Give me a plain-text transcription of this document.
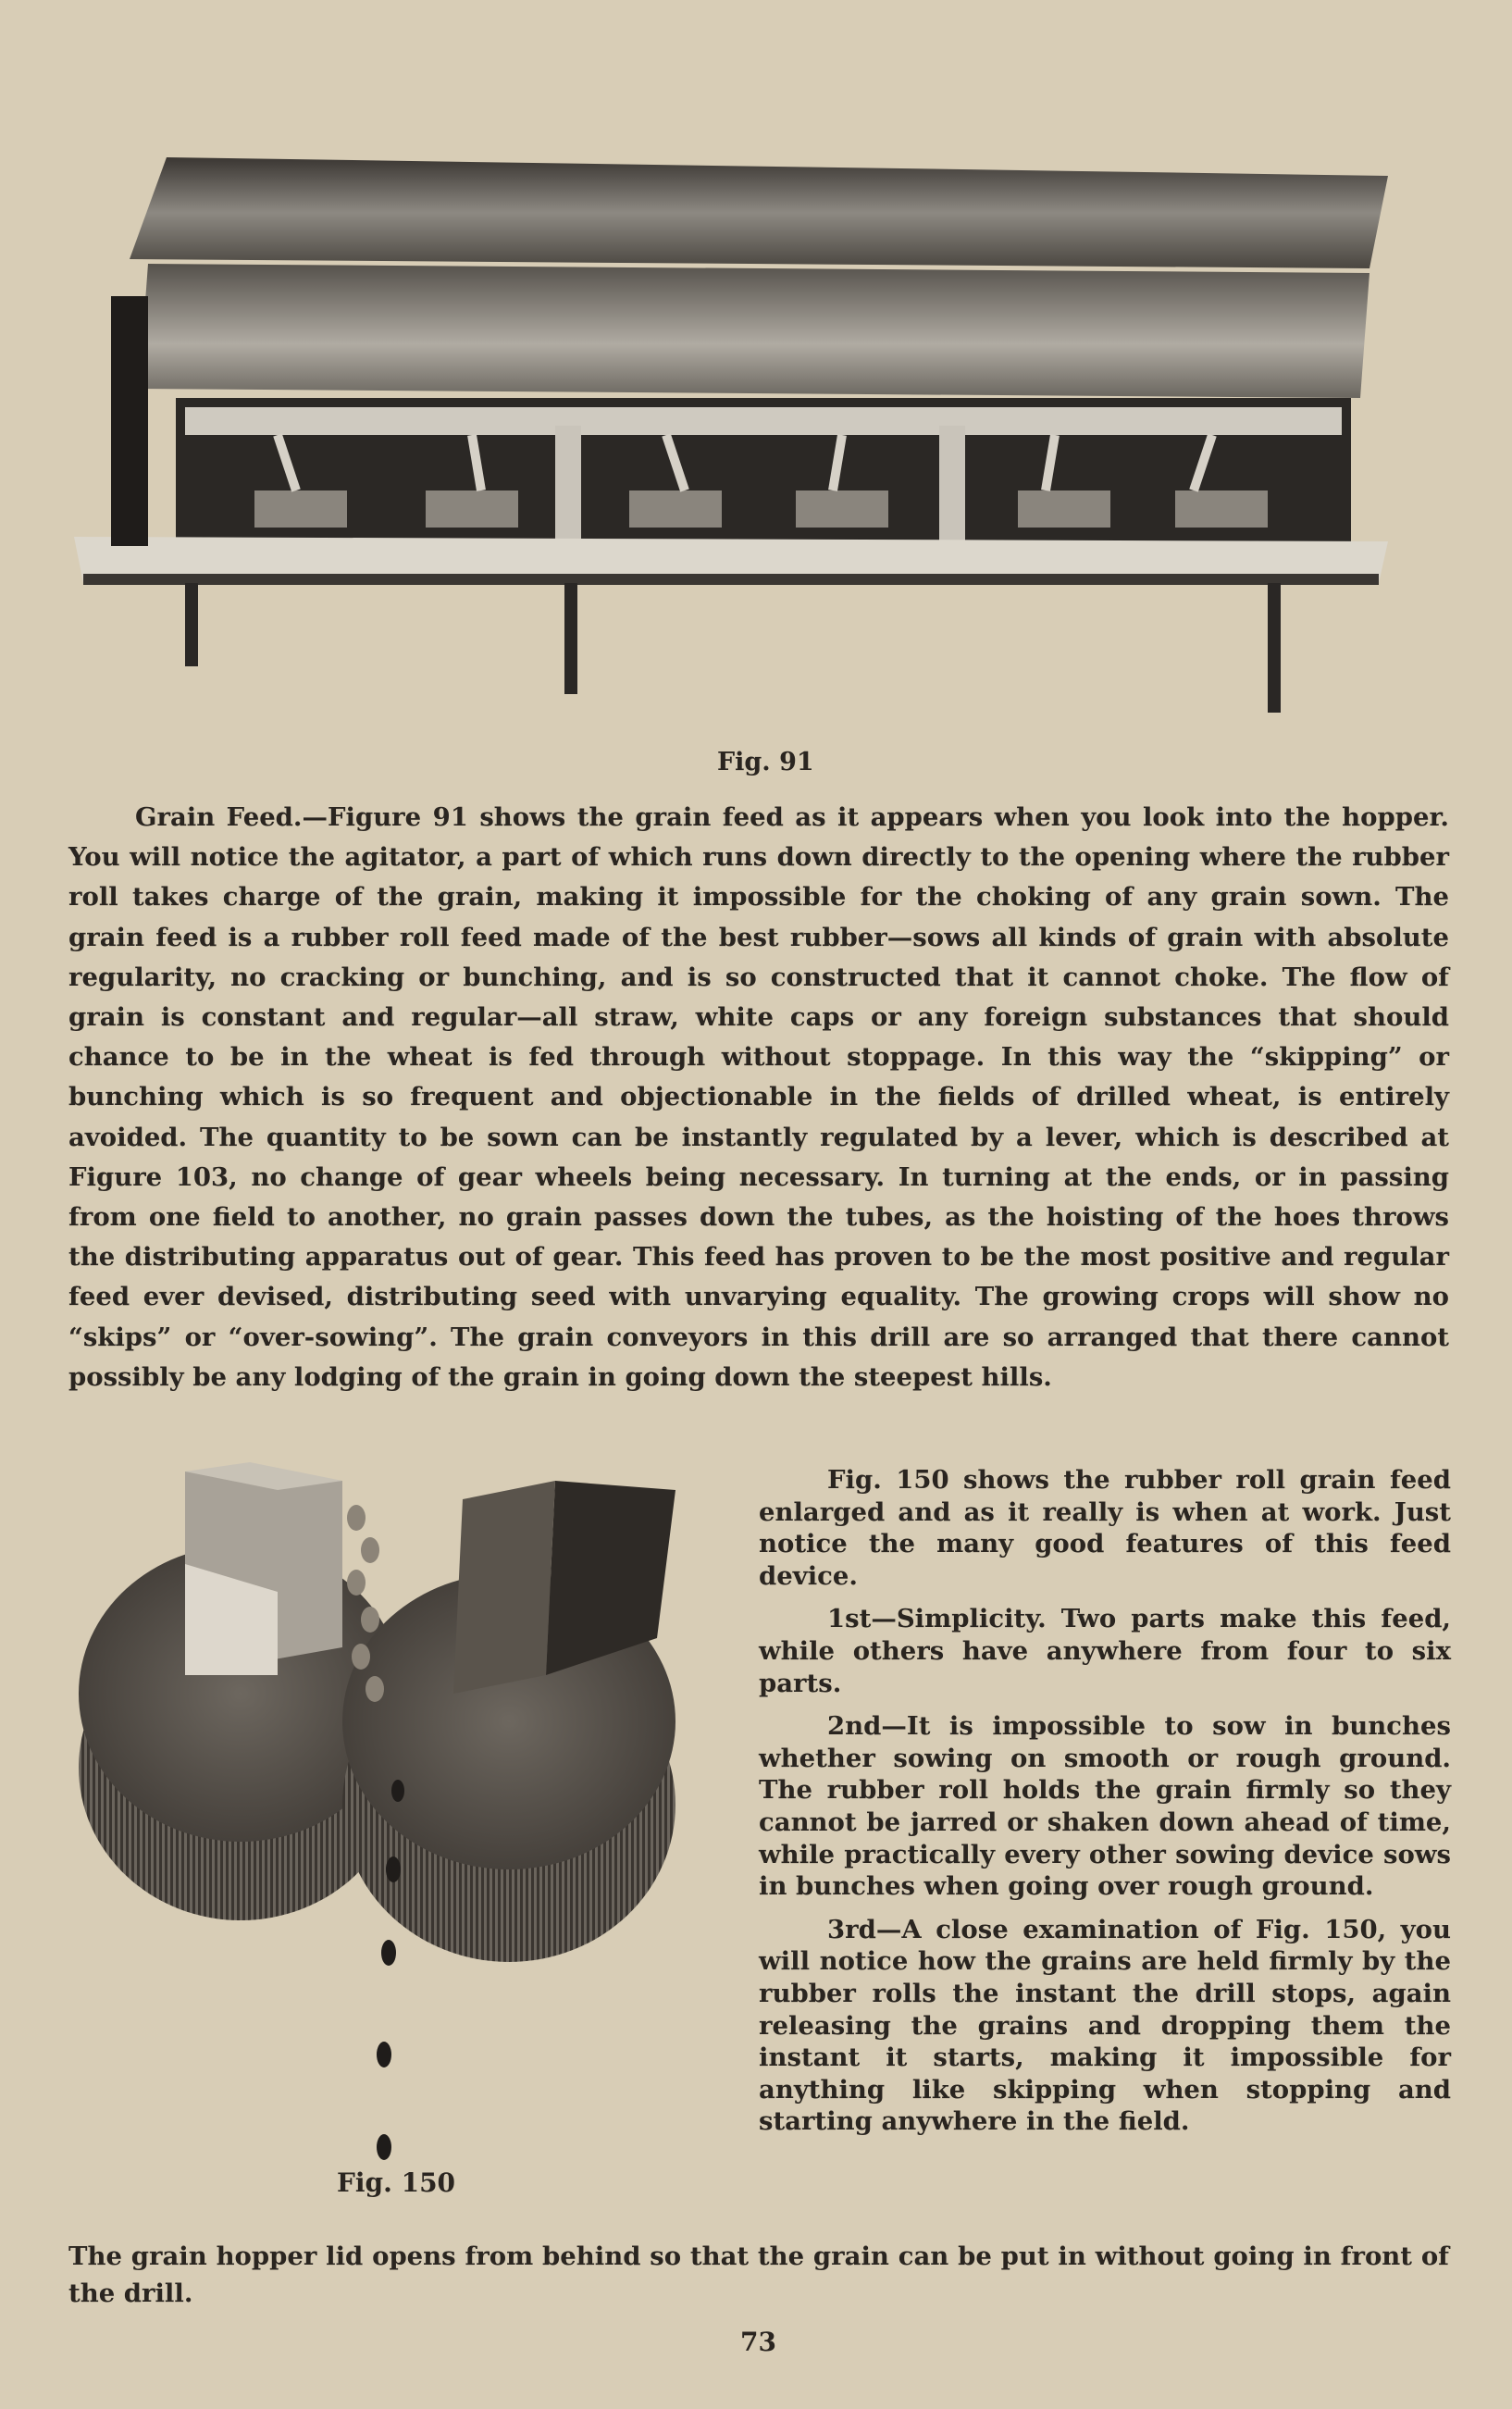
Fig. 91
Grain Feed.—Figure 91 shows the grain feed as it appears when you look into the hopper. You will notice the agitator, a part of which runs down directly to the opening where the rubber roll takes charge of the grain, making it impossible for the choking of any grain sown. The grain feed is a rubber roll feed made of the best rubber—sows all kinds of grain with absolute regularity, no cracking or bunching, and is so constructed that it cannot choke. The flow of grain is constant and regular—all straw, white caps or any foreign substances that should chance to be in the wheat is fed through without stoppage. In this way the “skipping” or bunching which is so frequent and objectionable in the fields of drilled wheat, is entirely avoided. The quantity to be sown can be instantly regulated by a lever, which is described at Figure 103, no change of gear wheels being necessary. In turning at the ends, or in passing from one field to another, no grain passes down the tubes, as the hoisting of the hoes throws the distributing apparatus out of gear. This feed has proven to be the most positive and regular feed ever devised, distributing seed with unvarying equality. The growing crops will show no “skips” or “over-sowing”. The grain conveyors in this drill are so arranged that there cannot possibly be any lodging of the grain in going down the steepest hills.
Fig. 150

Fig. 150 shows the rubber roll grain feed enlarged and as it really is when at work. Just notice the many good features of this feed device.

1st—Simplicity. Two parts make this feed, while others have anywhere from four to six parts.

2nd—It is impossible to sow in bunches whether sowing on smooth or rough ground. The rubber roll holds the grain firmly so they cannot be jarred or shaken down ahead of time, while practically every other sowing device sows in bunches when going over rough ground.

3rd—A close examination of Fig. 150, you will notice how the grains are held firmly by the rubber rolls the instant the drill stops, again releasing the grains and dropping them the instant it starts, making it impossible for anything like skipping when stopping and starting anywhere in the field.

The grain hopper lid opens from behind so that the grain can be put in without going in front of the drill.
73
